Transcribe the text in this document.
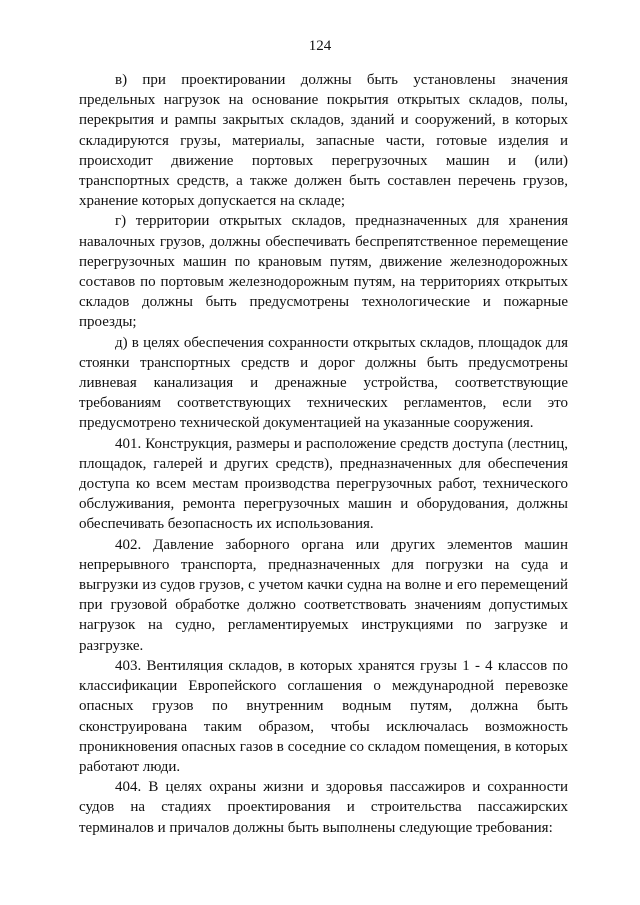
124

в) при проектировании должны быть установлены значения предельных нагрузок на основание покрытия открытых складов, полы, перекрытия и рампы закрытых складов, зданий и сооружений, в которых складируются грузы, материалы, запасные части, готовые изделия и происходит движение портовых перегрузочных машин и (или) транспортных средств, а также должен быть составлен перечень грузов, хранение которых допускается на складе;

г) территории открытых складов, предназначенных для хранения навалочных грузов, должны обеспечивать беспрепятственное перемещение перегрузочных машин по крановым путям, движение железнодорожных составов по портовым железнодорожным путям, на территориях открытых складов должны быть предусмотрены технологические и пожарные проезды;

д) в целях обеспечения сохранности открытых складов, площадок для стоянки транспортных средств и дорог должны быть предусмотрены ливневая канализация и дренажные устройства, соответствующие требованиям соответствующих технических регламентов, если это предусмотрено технической документацией на указанные сооружения.

401. Конструкция, размеры и расположение средств доступа (лестниц, площадок, галерей и других средств), предназначенных для обеспечения доступа ко всем местам производства перегрузочных работ, технического обслуживания, ремонта перегрузочных машин и оборудования, должны обеспечивать безопасность их использования.

402. Давление заборного органа или других элементов машин непрерывного транспорта, предназначенных для погрузки на суда и выгрузки из судов грузов, с учетом качки судна на волне и его перемещений при грузовой обработке должно соответствовать значениям допустимых нагрузок на судно, регламентируемых инструкциями по загрузке и разгрузке.

403. Вентиляция складов, в которых хранятся грузы 1 - 4 классов по классификации Европейского соглашения о международной перевозке опасных грузов по внутренним водным путям, должна быть сконструирована таким образом, чтобы исключалась возможность проникновения опасных газов в соседние со складом помещения, в которых работают люди.

404. В целях охраны жизни и здоровья пассажиров и сохранности судов на стадиях проектирования и строительства пассажирских терминалов и причалов должны быть выполнены следующие требования:
